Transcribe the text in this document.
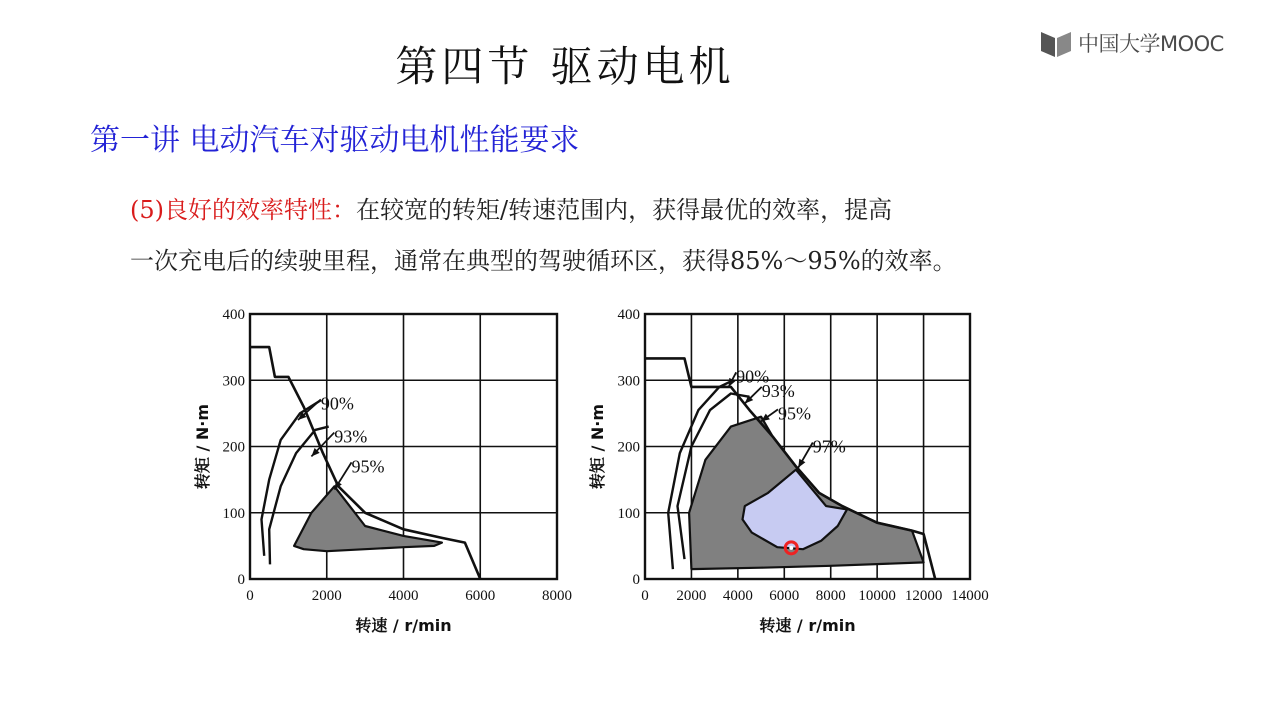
中国大学MOOC
第四节 驱动电机
第一讲 电动汽车对驱动电机性能要求
(5)良好的效率特性：在较宽的转矩/转速范围内，获得最优的效率，提高
一次充电后的续驶里程，通常在典型的驾驶循环区，获得85%～95%的效率。
90%
93%
95%
0	2000	4000	6000	8000
0
100
200
300
400
转速 / r/min
转矩 / N·m
90%
93%
95%
97%
0 2000 4000 6000 8000 10000 12000 14000
0
100
200
300
400
转速 / r/min
转矩 / N·m
